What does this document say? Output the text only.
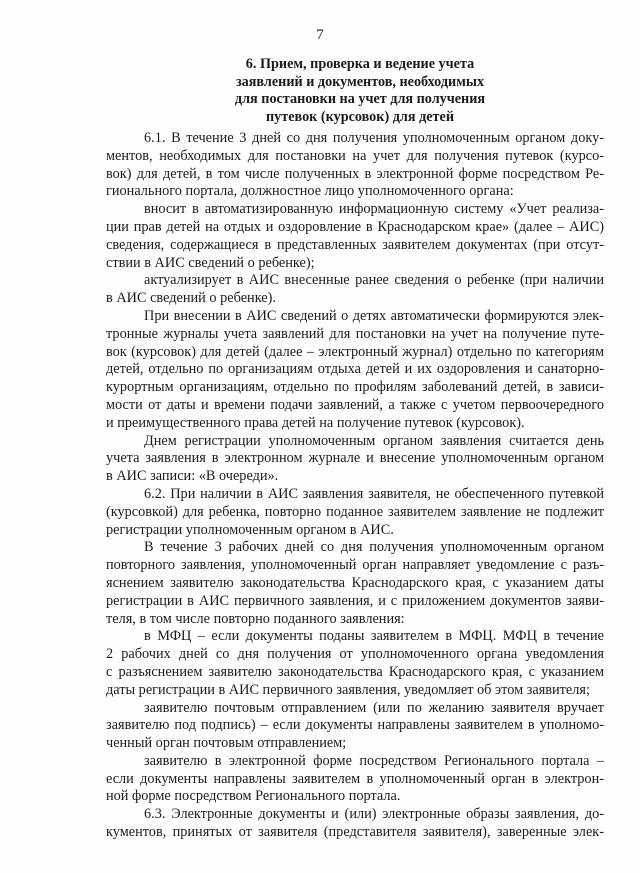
7
6. Прием, проверка и ведение учета
заявлений и документов, необходимых
для постановки на учет для получения
путевок (курсовок) для детей
6.1. В течение 3 дней со дня получения уполномоченным органом доку-
ментов, необходимых для постановки на учет для получения путевок (курсо-
вок) для детей, в том числе полученных в электронной форме посредством Ре-
гионального портала, должностное лицо уполномоченного органа:
вносит в автоматизированную информационную систему «Учет реализа-
ции прав детей на отдых и оздоровление в Краснодарском крае» (далее – АИС)
сведения, содержащиеся в представленных заявителем документах (при отсут-
ствии в АИС сведений о ребенке);
актуализирует в АИС внесенные ранее сведения о ребенке (при наличии
в АИС сведений о ребенке).
При внесении в АИС сведений о детях автоматически формируются элек-
тронные журналы учета заявлений для постановки на учет на получение путе-
вок (курсовок) для детей (далее – электронный журнал) отдельно по категориям
детей, отдельно по организациям отдыха детей и их оздоровления и санаторно-
курортным организациям, отдельно по профилям заболеваний детей, в зависи-
мости от даты и времени подачи заявлений, а также с учетом первоочередного
и преимущественного права детей на получение путевок (курсовок).
Днем регистрации уполномоченным органом заявления считается день
учета заявления в электронном журнале и внесение уполномоченным органом
в АИС записи: «В очереди».
6.2. При наличии в АИС заявления заявителя, не обеспеченного путевкой
(курсовкой) для ребенка, повторно поданное заявителем заявление не подлежит
регистрации уполномоченным органом в АИС.
В течение 3 рабочих дней со дня получения уполномоченным органом
повторного заявления, уполномоченный орган направляет уведомление с разъ-
яснением заявителю законодательства Краснодарского края, с указанием даты
регистрации в АИС первичного заявления, и с приложением документов заяви-
теля, в том числе повторно поданного заявления:
в МФЦ – если документы поданы заявителем в МФЦ. МФЦ в течение
2 рабочих дней со дня получения от уполномоченного органа уведомления
с разъяснением заявителю законодательства Краснодарского края, с указанием
даты регистрации в АИС первичного заявления, уведомляет об этом заявителя;
заявителю почтовым отправлением (или по желанию заявителя вручает
заявителю под подпись) – если документы направлены заявителем в уполномо-
ченный орган почтовым отправлением;
заявителю в электронной форме посредством Регионального портала –
если документы направлены заявителем в уполномоченный орган в электрон-
ной форме посредством Регионального портала.
6.3. Электронные документы и (или) электронные образы заявления, до-
кументов, принятых от заявителя (представителя заявителя), заверенные элек-
